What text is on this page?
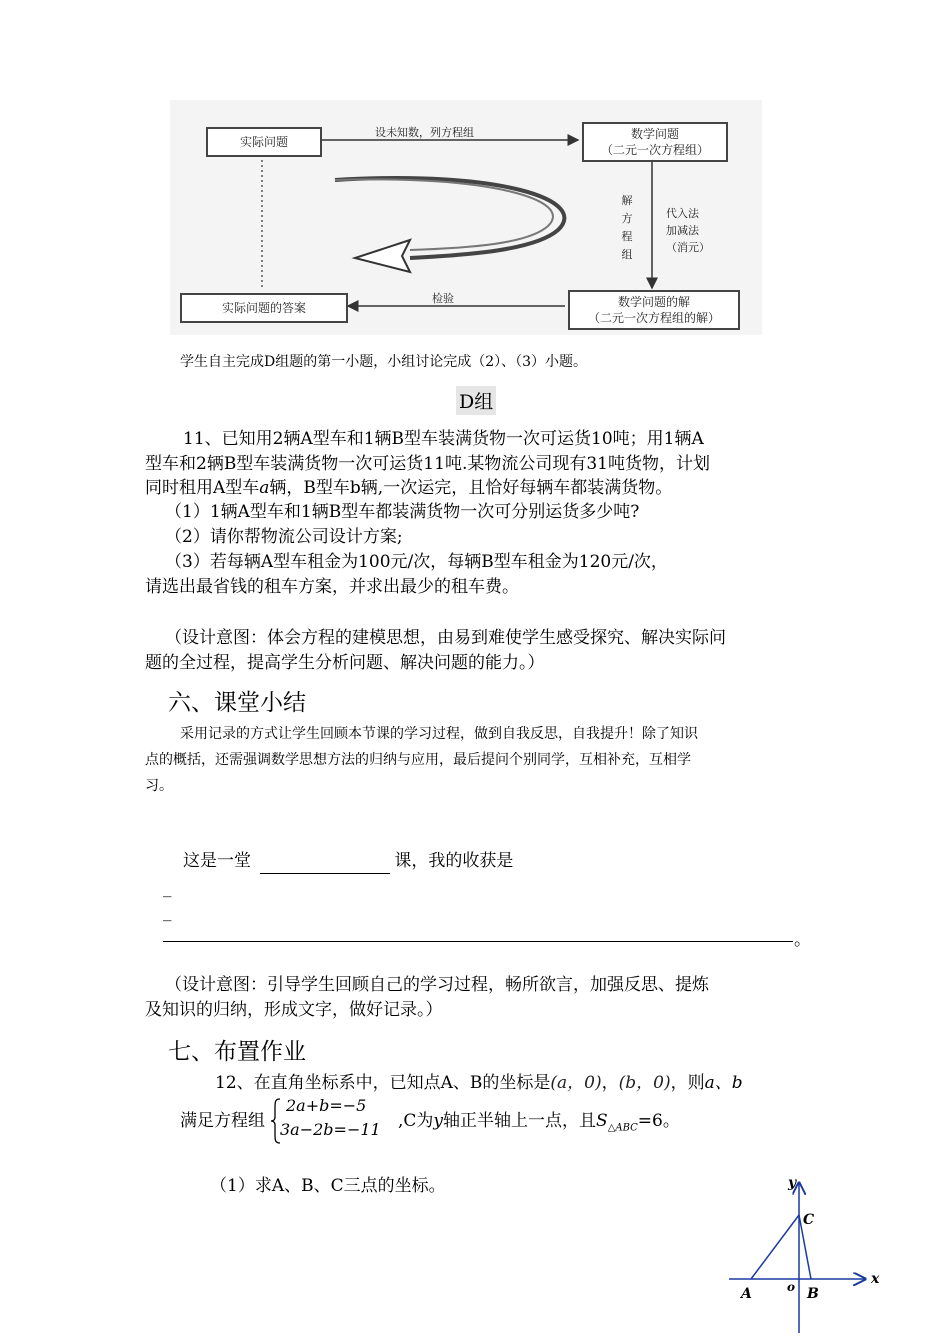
实际问题
数学问题
（二元一次方程组）
实际问题的答案	数学问题的解
（二元一次方程组的解）
设未知数，列方程组
检验
解
方
程
组
代入法
加减法
（消元）
学生自主完成D组题的第一小题，小组讨论完成（2）、（3）小题。
D组
11、已知用2辆A型车和1辆B型车装满货物一次可运货10吨；用1辆A
型车和2辆B型车装满货物一次可运货11吨.某物流公司现有31吨货物，计划
同时租用A型车a辆，B型车b辆,一次运完，且恰好每辆车都装满货物。
（1）1辆A型车和1辆B型车都装满货物一次可分别运货多少吨?
（2）请你帮物流公司设计方案;
（3）若每辆A型车租金为100元/次，每辆B型车租金为120元/次，
请选出最省钱的租车方案，并求出最少的租车费。
（设计意图：体会方程的建模思想，由易到难使学生感受探究、解决实际问
题的全过程，提高学生分析问题、解决问题的能力。）
六、课堂小结
采用记录的方式让学生回顾本节课的学习过程，做到自我反思，自我提升！除了知识
点的概括，还需强调数学思想方法的归纳与应用，最后提问个别同学，互相补充，互相学
习。
这是一堂	课，我的收获是
_
_
。
（设计意图：引导学生回顾自己的学习过程，畅所欲言，加强反思、提炼
及知识的归纳，形成文字，做好记录。）
七、布置作业
12、在直角坐标系中，已知点A、B的坐标是(a，0)，(b，0)，则a、b
满足方程组
2a+b=−5
3a−2b=−11 ,C为y轴正半轴上一点，且$S_{\triangle ABC}=6$。
（1）求A、B、C三点的坐标。	y
x
C
o
A	B
